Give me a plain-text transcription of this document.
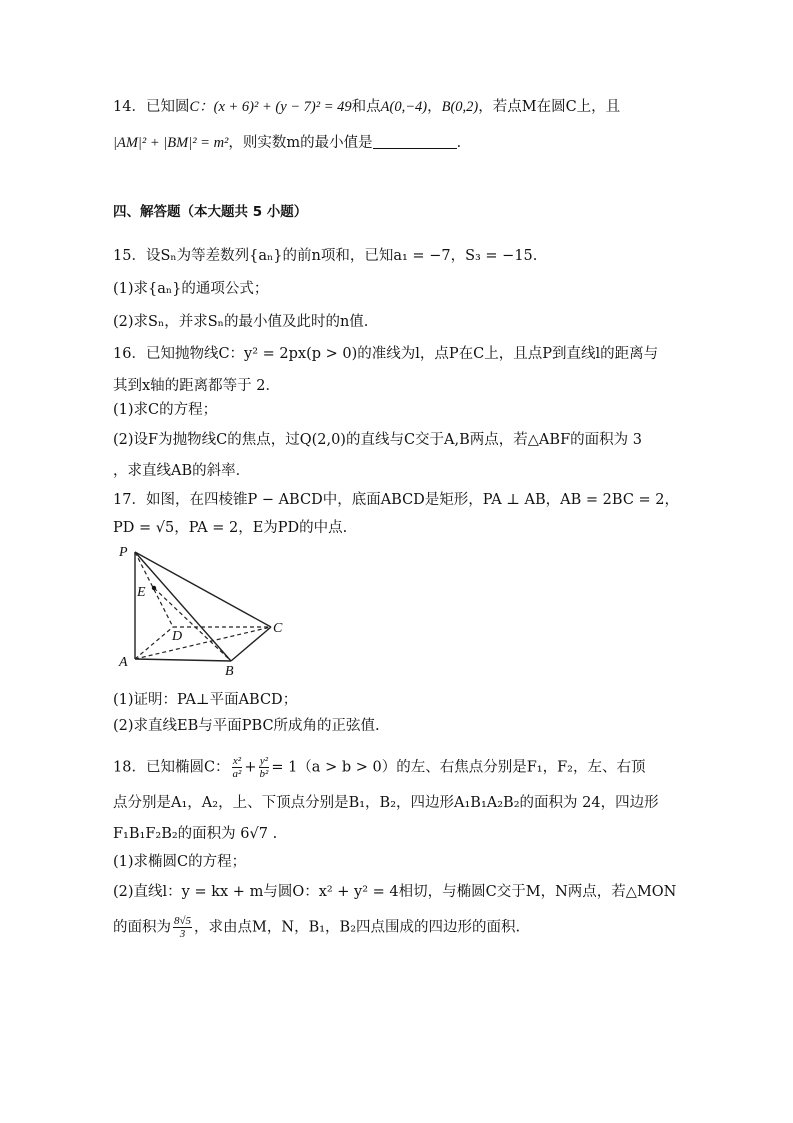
14．已知圆C：(x + 6)² + (y − 7)² = 49和点A(0,−4)，B(0,2)，若点M在圆C上，且
|AM|² + |BM|² = m²，则实数m的最小值是	．
四、解答题（本大题共 5 小题）
15．设Sₙ为等差数列{aₙ}的前n项和，已知a₁ = −7，S₃ = −15.
(1)求{aₙ}的通项公式；
(2)求Sₙ，并求Sₙ的最小值及此时的n值.
16．已知抛物线C：y² = 2px(p > 0)的准线为l，点P在C上，且点P到直线l的距离与
其到x轴的距离都等于 2．
(1)求C的方程；
(2)设F为抛物线C的焦点，过Q(2,0)的直线与C交于A,B两点，若△ABF的面积为 3
，求直线AB的斜率．
17．如图，在四棱锥P − ABCD中，底面ABCD是矩形，PA ⊥ AB，AB = 2BC = 2，
PD = √5，PA = 2，E为PD的中点.
P
E
D
C
A
B
(1)证明：PA⊥平面ABCD；
(2)求直线EB与平面PBC所成角的正弦值.
18．已知椭圆C： $\frac{\text{x²}}{\text{a²}} + \frac{\text{y²}}{\text{b²}} = 1(a > b > 0)$的左、右焦点分别是F₁，F₂，左、右顶
点分别是A₁，A₂，上、下顶点分别是B₁，B₂，四边形A₁B₁A₂B₂的面积为 24，四边形
F₁B₁F₂B₂的面积为 6√7 .
(1)求椭圆C的方程；
(2)直线l：y = kx + m与圆O：x² + y² = 4相切，与椭圆C交于M，N两点，若△MON
的面积为 $\frac{8√5}{3}$ ，求由点M，N，B₁，B₂四点围成的四边形的面积.
